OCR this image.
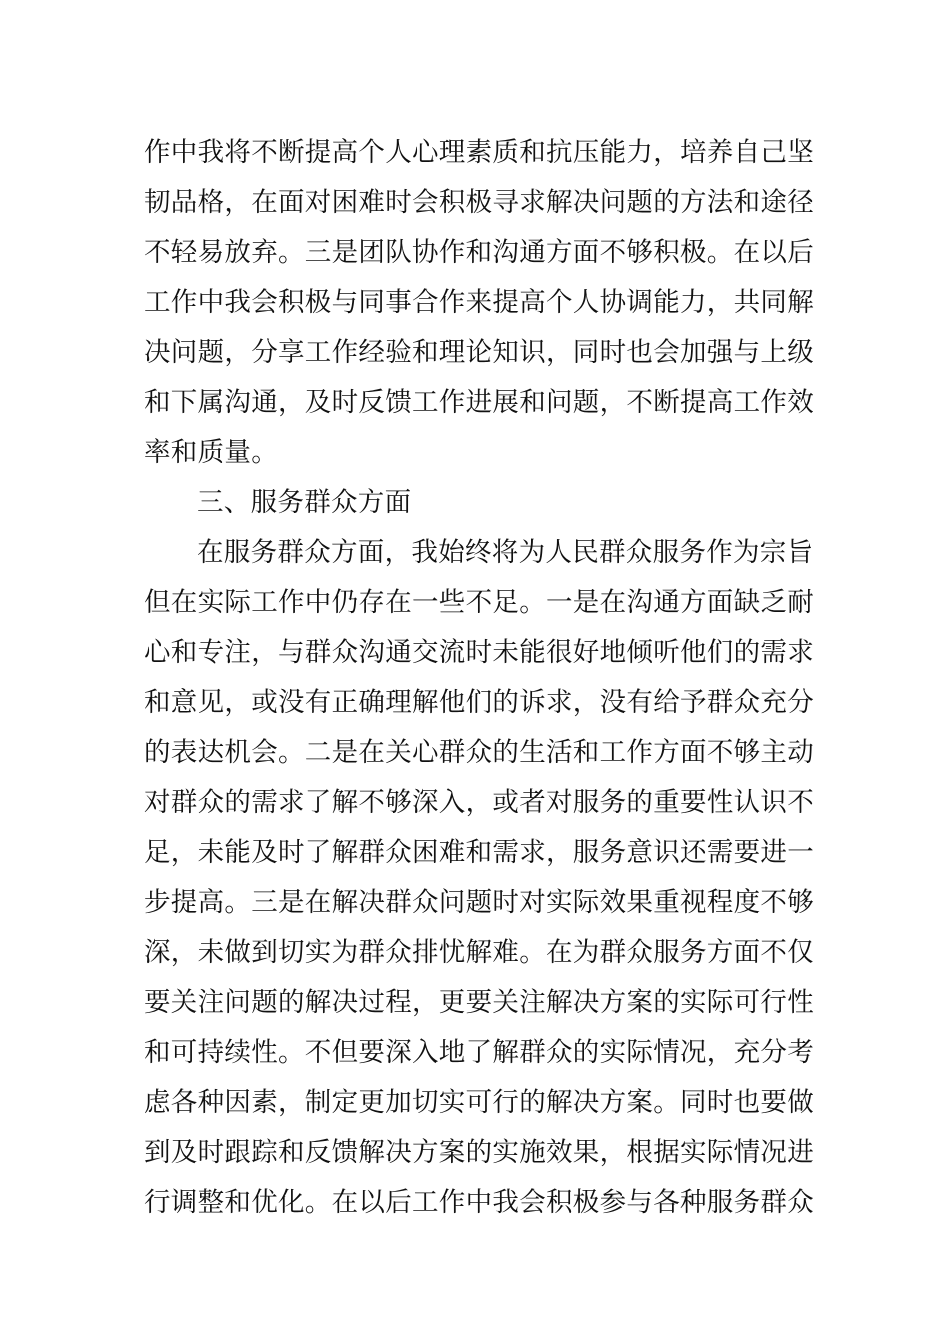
作中我将不断提高个人心理素质和抗压能力，培养自己坚
韧品格，在面对困难时会积极寻求解决问题的方法和途径
不轻易放弃。三是团队协作和沟通方面不够积极。在以后
工作中我会积极与同事合作来提高个人协调能力，共同解
决问题，分享工作经验和理论知识，同时也会加强与上级
和下属沟通，及时反馈工作进展和问题，不断提高工作效
率和质量。
三、服务群众方面
在服务群众方面，我始终将为人民群众服务作为宗旨
但在实际工作中仍存在一些不足。一是在沟通方面缺乏耐
心和专注，与群众沟通交流时未能很好地倾听他们的需求
和意见，或没有正确理解他们的诉求，没有给予群众充分
的表达机会。二是在关心群众的生活和工作方面不够主动
对群众的需求了解不够深入，或者对服务的重要性认识不
足，未能及时了解群众困难和需求，服务意识还需要进一
步提高。三是在解决群众问题时对实际效果重视程度不够
深，未做到切实为群众排忧解难。在为群众服务方面不仅
要关注问题的解决过程，更要关注解决方案的实际可行性
和可持续性。不但要深入地了解群众的实际情况，充分考
虑各种因素，制定更加切实可行的解决方案。同时也要做
到及时跟踪和反馈解决方案的实施效果，根据实际情况进
行调整和优化。在以后工作中我会积极参与各种服务群众
